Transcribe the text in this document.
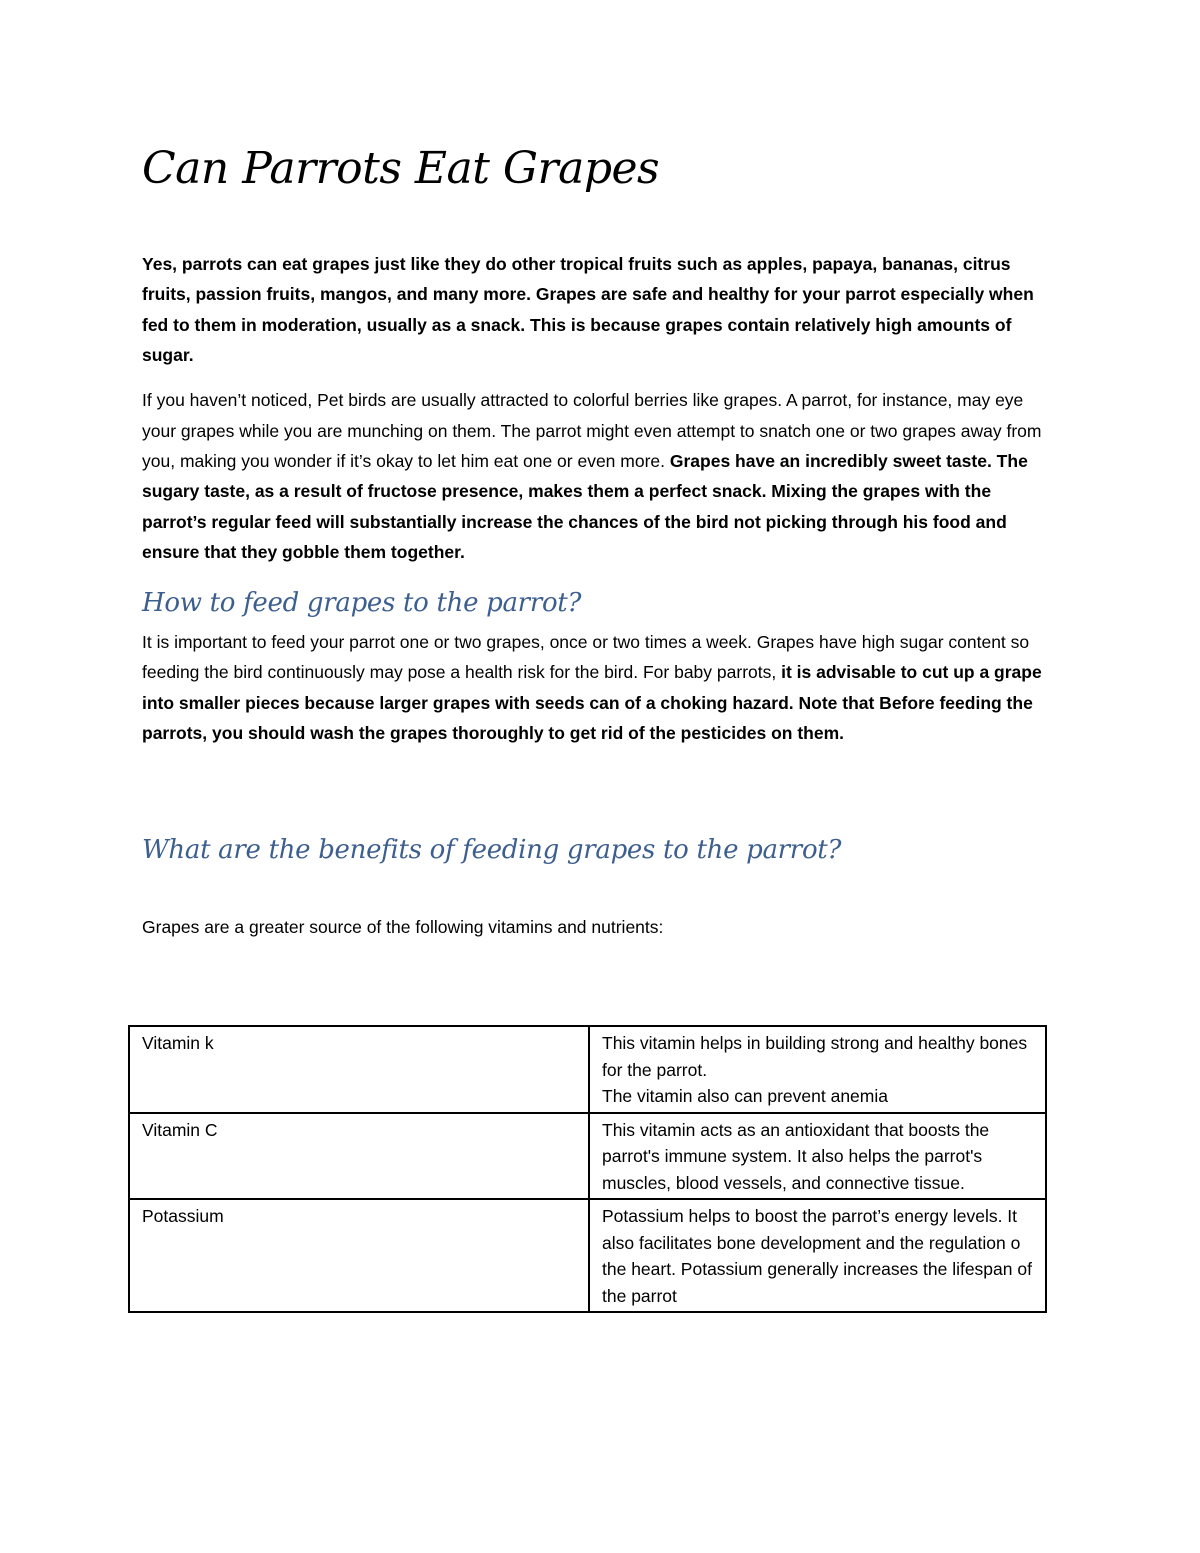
Can Parrots Eat Grapes

Yes, parrots can eat grapes just like they do other tropical fruits such as apples, papaya, bananas, citrus fruits, passion fruits, mangos, and many more. Grapes are safe and healthy for your parrot especially when fed to them in moderation, usually as a snack. This is because grapes contain relatively high amounts of sugar.

If you haven’t noticed, Pet birds are usually attracted to colorful berries like grapes. A parrot, for instance, may eye your grapes while you are munching on them. The parrot might even attempt to snatch one or two grapes away from you, making you wonder if it’s okay to let him eat one or even more. Grapes have an incredibly sweet taste. The sugary taste, as a result of fructose presence, makes them a perfect snack. Mixing the grapes with the parrot’s regular feed will substantially increase the chances of the bird not picking through his food and ensure that they gobble them together.

How to feed grapes to the parrot?

It is important to feed your parrot one or two grapes, once or two times a week. Grapes have high sugar content so feeding the bird continuously may pose a health risk for the bird. For baby parrots, it is advisable to cut up a grape into smaller pieces because larger grapes with seeds can of a choking hazard. Note that Before feeding the parrots, you should wash the grapes thoroughly to get rid of the pesticides on them.

What are the benefits of feeding grapes to the parrot?

Grapes are a greater source of the following vitamins and nutrients:

Vitamin k	This vitamin helps in building strong and healthy bones for the parrot.
The vitamin also can prevent anemia

Vitamin C	This vitamin acts as an antioxidant that boosts the parrot's immune system. It also helps the parrot's muscles, blood vessels, and connective tissue.
Potassium	Potassium helps to boost the parrot’s energy levels. It also facilitates bone development and the regulation o the heart. Potassium generally increases the lifespan of the parrot
